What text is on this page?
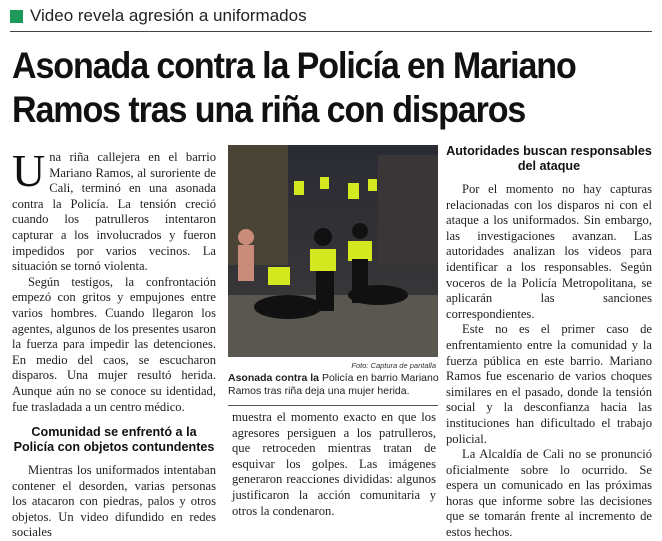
Video revela agresión a uniformados
Asonada contra la Policía en Mariano
Ramos tras una riña con disparos

Una riña callejera en el barrio Mariano Ramos, al suroriente de Cali, terminó en una asonada contra la Policía. La tensión creció cuando los patrulleros intentaron capturar a los involucrados y fueron impedidos por varios vecinos. La situación se tornó violenta.

Según testigos, la confrontación empezó con gritos y empujones entre varios hombres. Cuando llegaron los agentes, algunos de los presentes usaron la fuerza para impedir las detenciones. En medio del caos, se escucharon disparos. Una mujer resultó herida. Aunque aún no se conoce su identidad, fue trasladada a un centro médico.

Comunidad se enfrentó a la Policía con objetos contundentes

Mientras los uniformados intentaban contener el desorden, varias personas los atacaron con piedras, palos y otros objetos. Un video difundido en redes sociales

Foto: Captura de pantalla
Asonada contra la Policía en barrio Mariano Ramos tras riña deja una mujer herida.

muestra el momento exacto en que los agresores persiguen a los patrulleros, que retroceden mientras tratan de esquivar los golpes. Las imágenes generaron reacciones divididas: algunos justificaron la acción comunitaria y otros la condenaron.

Autoridades buscan responsables del ataque

Por el momento no hay capturas relacionadas con los disparos ni con el ataque a los uniformados. Sin embargo, las investigaciones avanzan. Las autoridades analizan los videos para identificar a los responsables. Según voceros de la Policía Metropolitana, se aplicarán las sanciones correspondientes.

Este no es el primer caso de enfrentamiento entre la comunidad y la fuerza pública en este barrio. Mariano Ramos fue escenario de varios choques similares en el pasado, donde la tensión social y la desconfianza hacia las instituciones han dificultado el trabajo policial.

La Alcaldía de Cali no se pronunció oficialmente sobre lo ocurrido. Se espera un comunicado en las próximas horas que informe sobre las decisiones que se tomarán frente al incremento de estos hechos.
